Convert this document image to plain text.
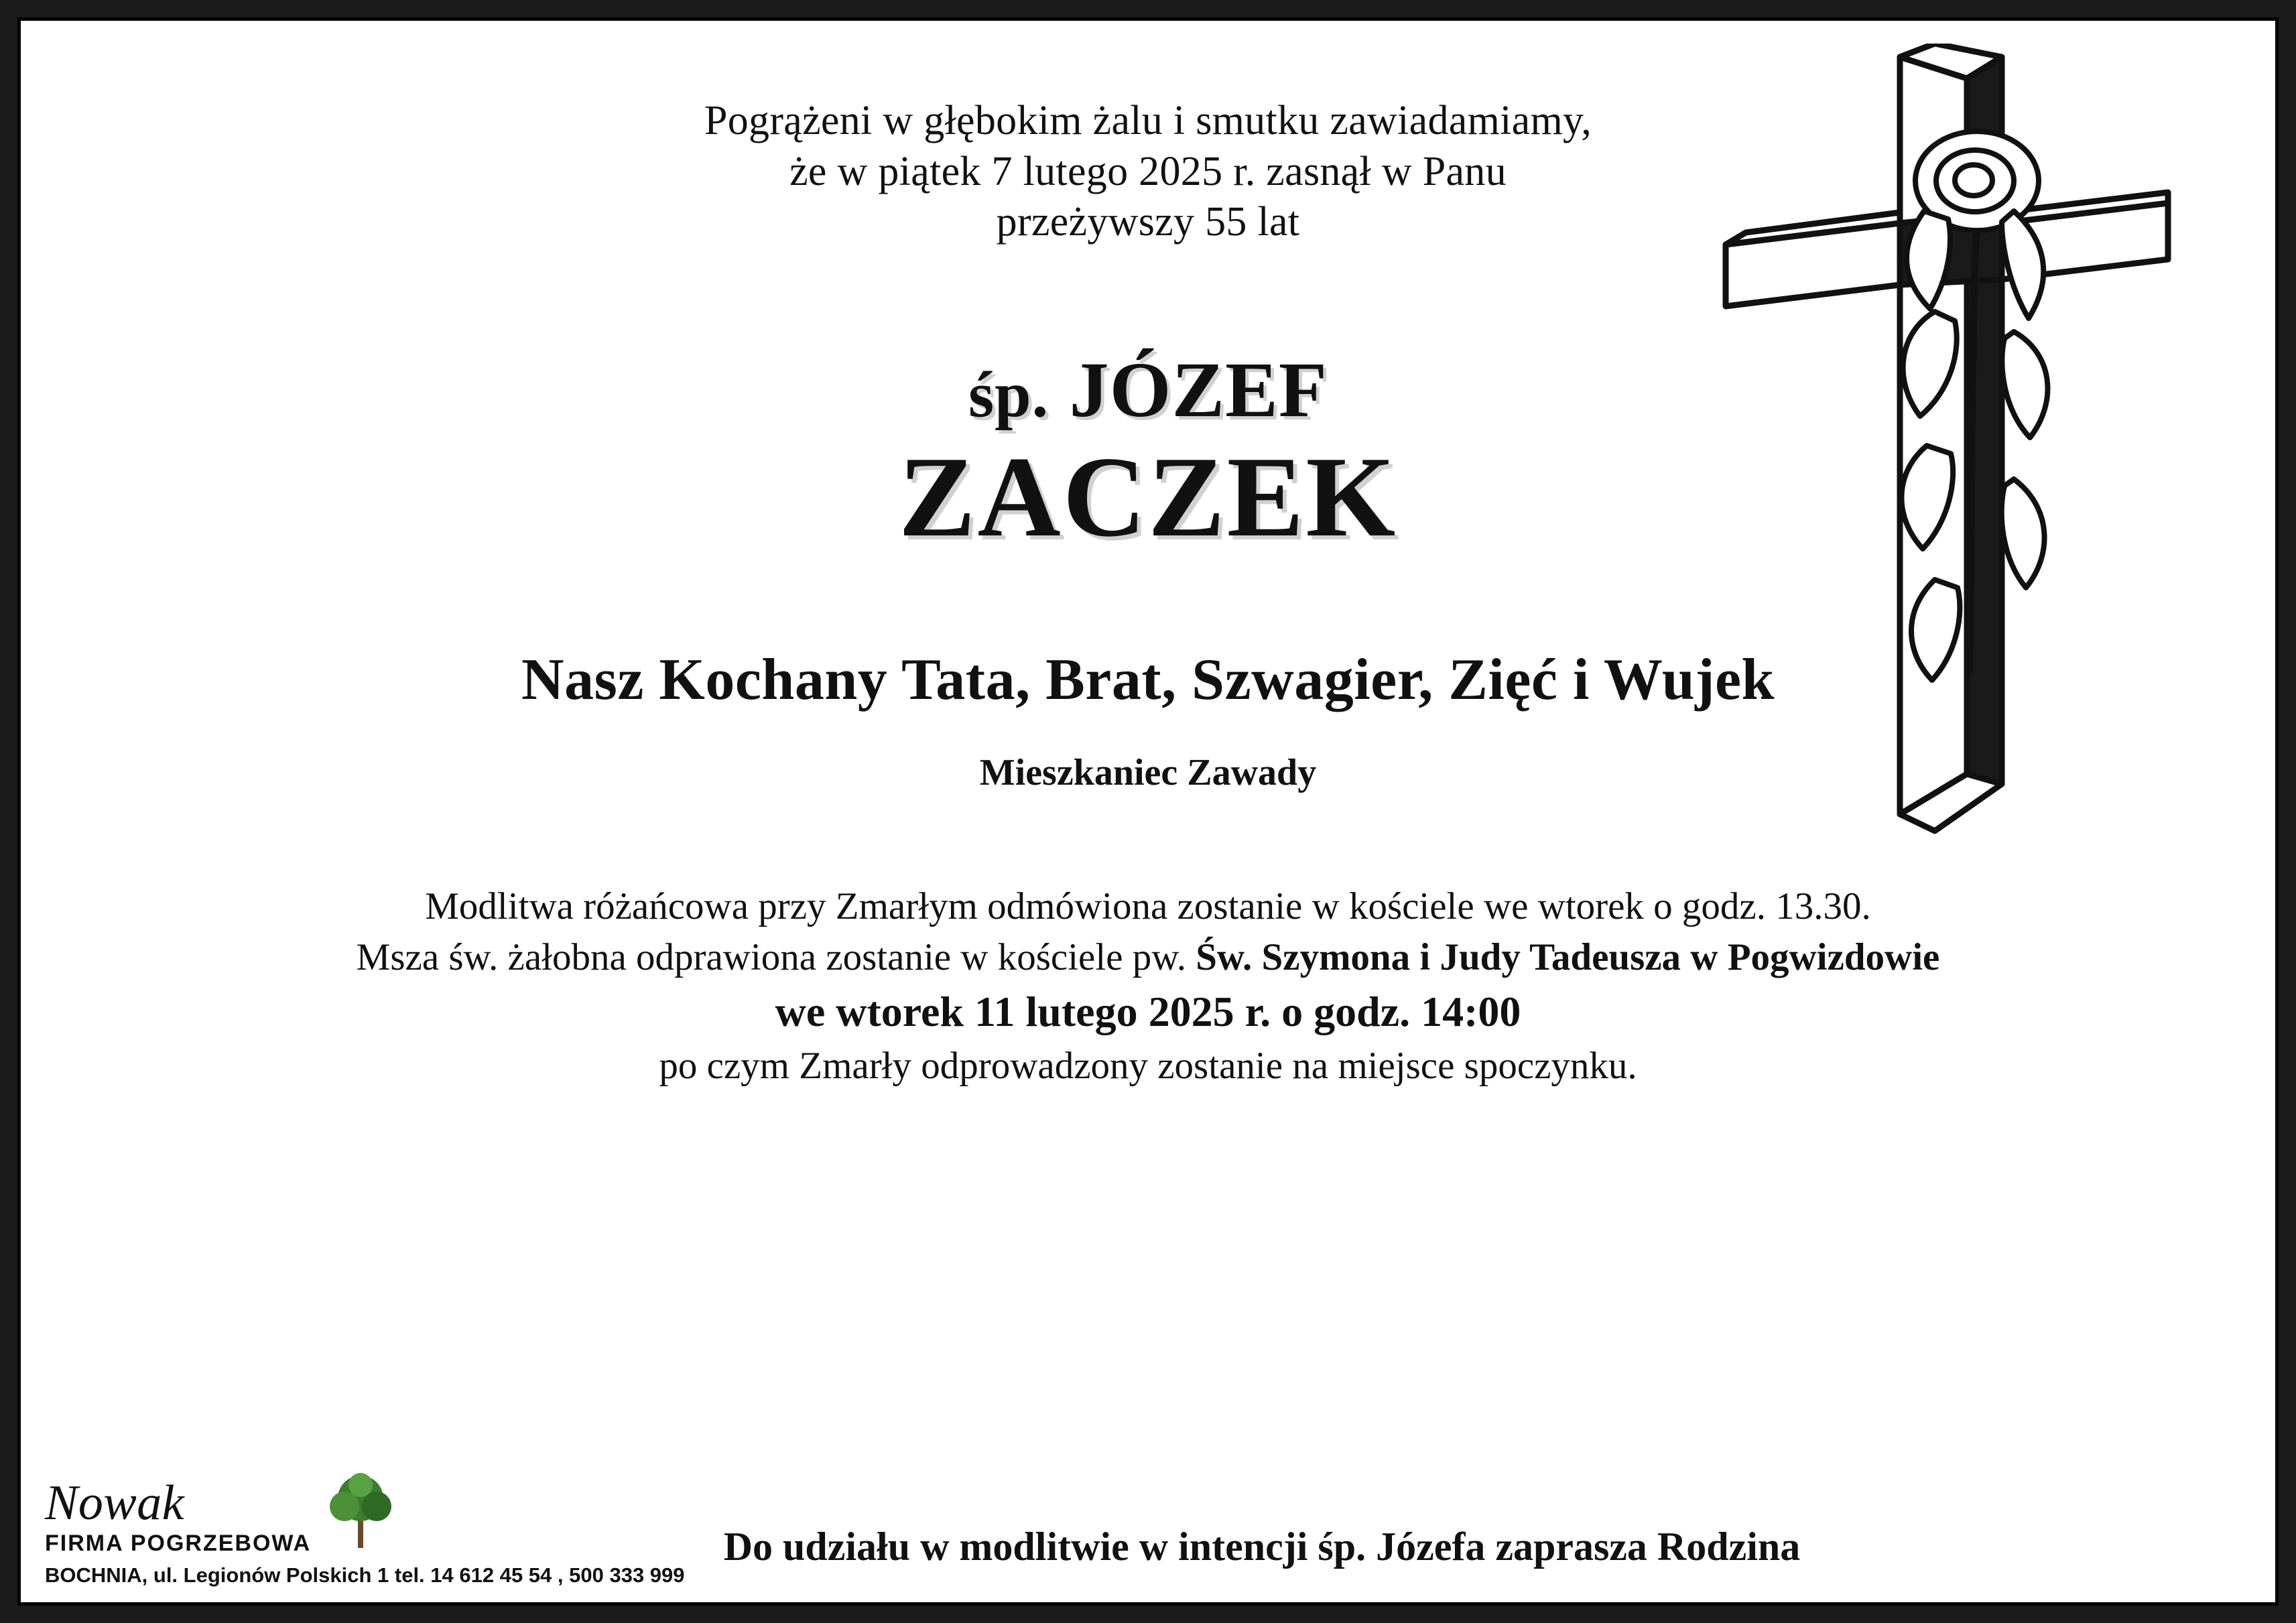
Pogrążeni w głębokim żalu i smutku zawiadamiamy,
że w piątek 7 lutego 2025 r. zasnął w Panu
przeżywszy 55 lat
śp. JÓZEF
ZACZEK
Nasz Kochany Tata, Brat, Szwagier, Zięć i Wujek
Mieszkaniec Zawady
Modlitwa różańcowa przy Zmarłym odmówiona zostanie w kościele we wtorek o godz. 13.30.
Msza św. żałobna odprawiona zostanie w kościele pw. Św. Szymona i Judy Tadeusza w Pogwizdowie
we wtorek 11 lutego 2025 r. o godz. 14:00
po czym Zmarły odprowadzony zostanie na miejsce spoczynku.
Do udziału w modlitwie w intencji śp. Józefa zaprasza Rodzina
Nowak
FIRMA POGRZEBOWA
BOCHNIA, ul. Legionów Polskich 1 tel. 14 612 45 54 , 500 333 999
